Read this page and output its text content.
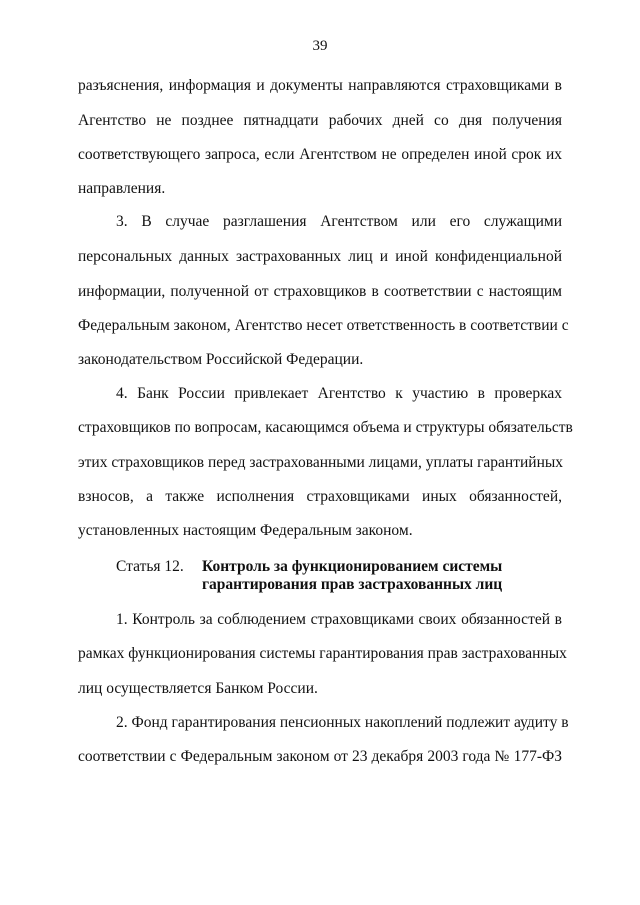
39
разъяснения, информация и документы направляются страховщиками в
Агентство не позднее пятнадцати рабочих дней со дня получения
соответствующего запроса, если Агентством не определен иной срок их
направления.
3. В случае разглашения Агентством или его служащими
персональных данных застрахованных лиц и иной конфиденциальной
информации, полученной от страховщиков в соответствии с настоящим
Федеральным законом, Агентство несет ответственность в соответствии с
законодательством Российской Федерации.
4. Банк России привлекает Агентство к участию в проверках
страховщиков по вопросам, касающимся объема и структуры обязательств
этих страховщиков перед застрахованными лицами, уплаты гарантийных
взносов, а также исполнения страховщиками иных обязанностей,
установленных настоящим Федеральным законом.
Статья 12. Контроль за функционированием системы
гарантирования прав застрахованных лиц
1. Контроль за соблюдением страховщиками своих обязанностей в
рамках функционирования системы гарантирования прав застрахованных
лиц осуществляется Банком России.
2. Фонд гарантирования пенсионных накоплений подлежит аудиту в
соответствии с Федеральным законом от 23 декабря 2003 года № 177-ФЗ
